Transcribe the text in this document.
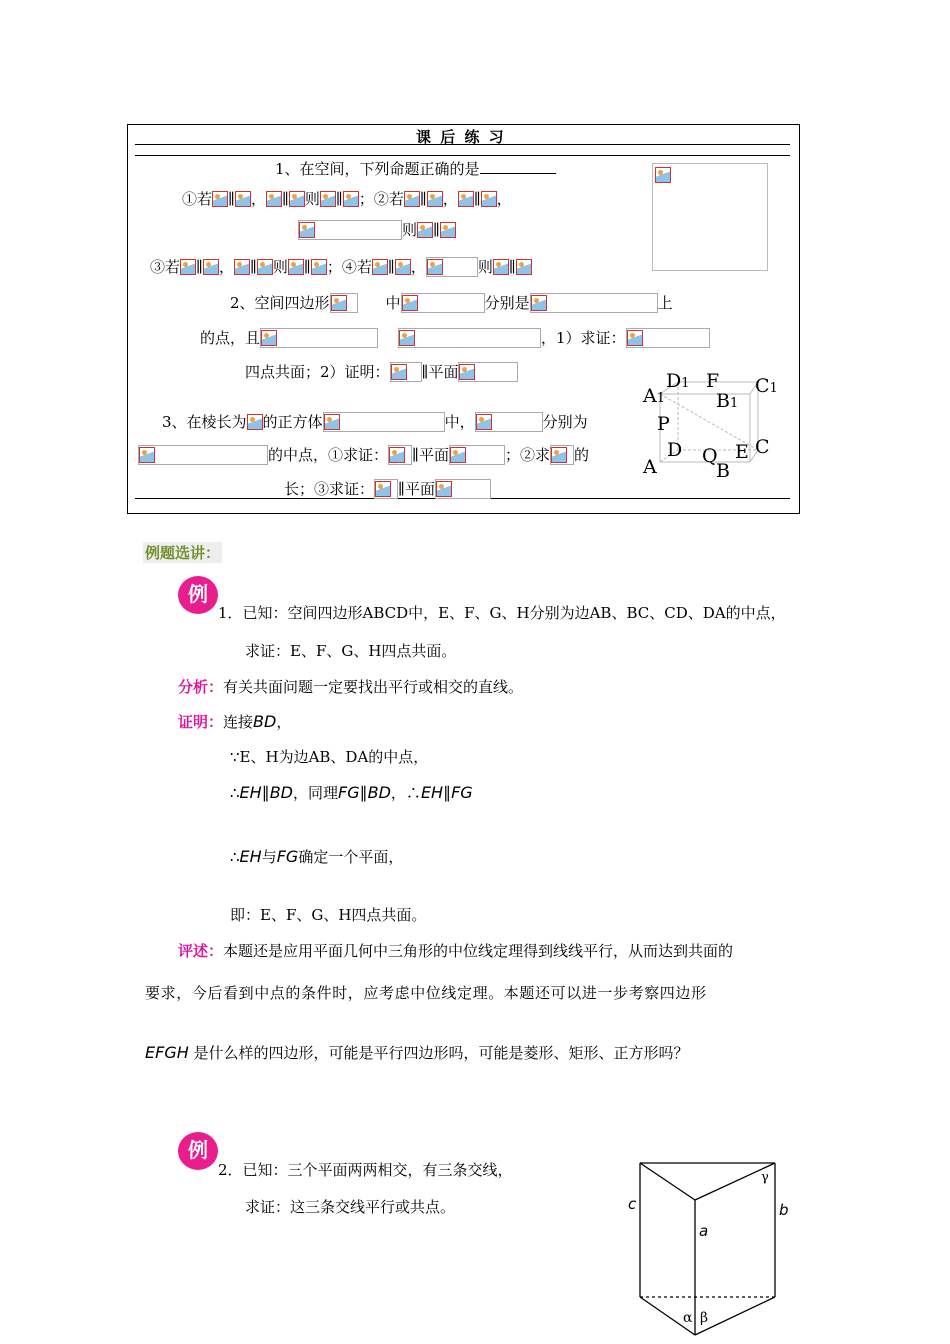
课 后 练 习
1、在空间，下列命题正确的是
①若 ∥ ， ∥ 则 ∥ ；②若 ∥ ， ∥ ，
则 ∥
③若 ∥ ， ∥ 则 ∥ ；④若 ∥ ，	则 ∥
2、空间四边形	中	分别是	上
的点，且	，1）求证：
四点共面；2）证明： ∥平面
3、在棱长为 的正方体	中，	分别为
的中点，①求证： ∥平面	；②求 的
长；③求证： ∥平面
D1 F C1
A1	B1
P
D Q E C
A	B
例题选讲：
例
1．已知：空间四边形ABCD中，E、F、G、H分别为边AB、BC、CD、DA的中点，
求证：E、F、G、H四点共面。
分析：有关共面问题一定要找出平行或相交的直线。
证明：连接BD，
∵E、H为边AB、DA的中点，
∴EH∥BD，同理FG∥BD，∴EH∥FG
∴EH与FG确定一个平面，
即：E、F、G、H四点共面。
评述：本题还是应用平面几何中三角形的中位线定理得到线线平行，从而达到共面的
要求，今后看到中点的条件时，应考虑中位线定理。本题还可以进一步考察四边形
EFGH 是什么样的四边形，可能是平行四边形吗，可能是菱形、矩形、正方形吗？
例
2．已知：三个平面两两相交，有三条交线，
求证：这三条交线平行或共点。	c
a
b
γ
α β
